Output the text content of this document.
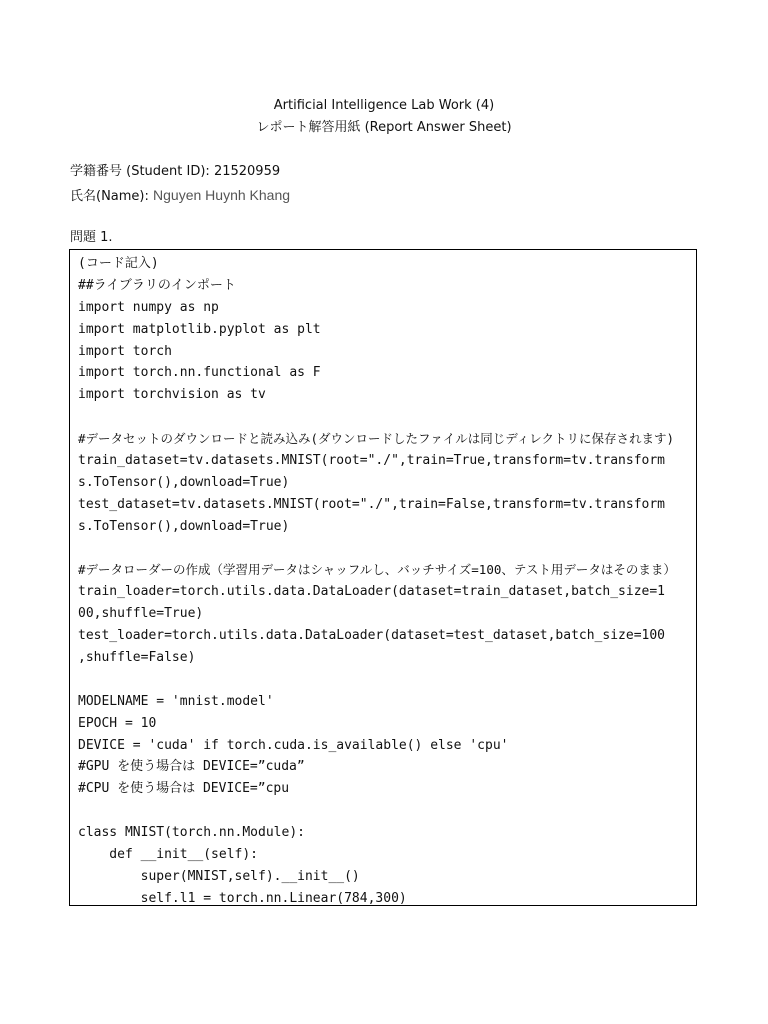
Artificial Intelligence Lab Work (4)
レポート解答用紙 (Report Answer Sheet)
学籍番号 (Student ID): 21520959
氏名(Name): Nguyen Huynh Khang
問題 1.
(コード記入)
##ライブラリのインポート
import numpy as np
import matplotlib.pyplot as plt
import torch
import torch.nn.functional as F
import torchvision as tv
#データセットのダウンロードと読み込み(ダウンロードしたファイルは同じディレクトリに保存されます)
train_dataset=tv.datasets.MNIST(root="./",train=True,transform=tv.transform
s.ToTensor(),download=True)
test_dataset=tv.datasets.MNIST(root="./",train=False,transform=tv.transform
s.ToTensor(),download=True)
#データローダーの作成（学習用データはシャッフルし、バッチサイズ=100、テスト用データはそのまま）
train_loader=torch.utils.data.DataLoader(dataset=train_dataset,batch_size=1
00,shuffle=True)
test_loader=torch.utils.data.DataLoader(dataset=test_dataset,batch_size=100
,shuffle=False)
MODELNAME = 'mnist.model'
EPOCH = 10
DEVICE = 'cuda' if torch.cuda.is_available() else 'cpu'
#GPU を使う場合は DEVICE=”cuda”
#CPU を使う場合は DEVICE=”cpu
class MNIST(torch.nn.Module):
def __init__(self):
super(MNIST,self).__init__()
self.l1 = torch.nn.Linear(784,300)
